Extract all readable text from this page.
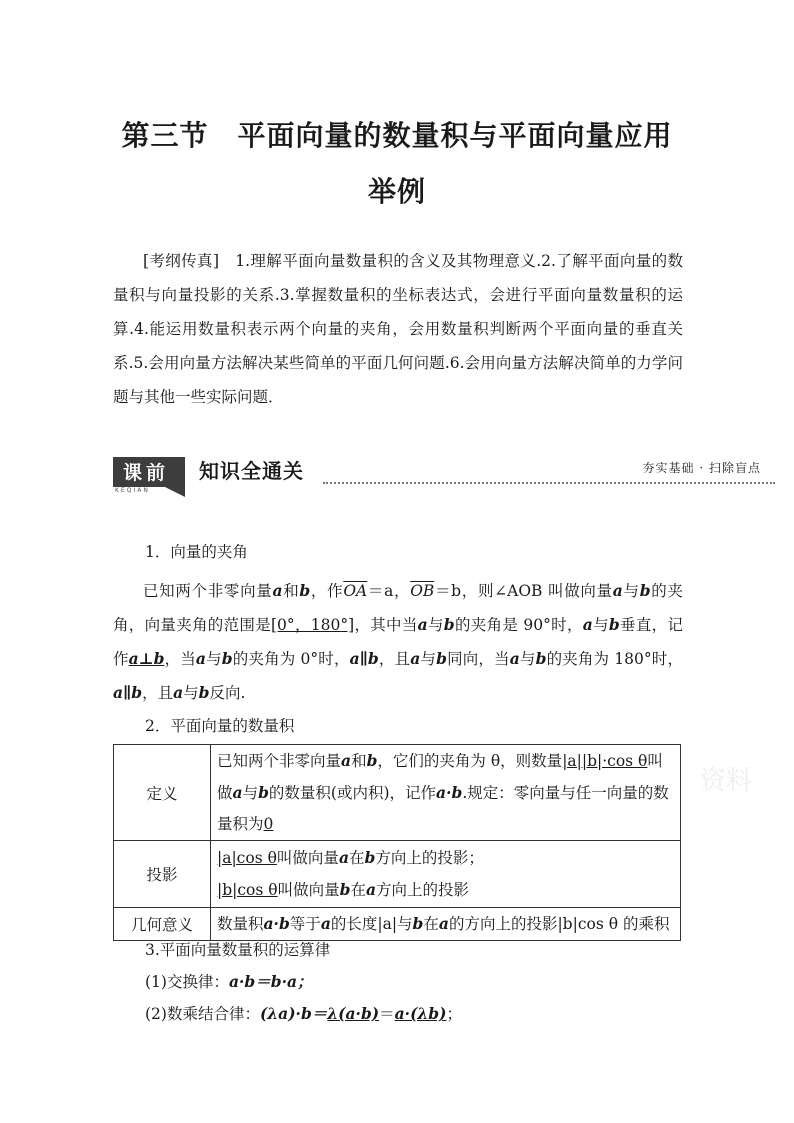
第三节　平面向量的数量积与平面向量应用
举例
[考纲传真]　 1.理解平面向量数量积的含义及其物理意义.2.了解平面向量的数量积与向量投影的关系.3.掌握数量积的坐标表达式，会进行平面向量数量积的运算.4.能运用数量积表示两个向量的夹角，会用数量积判断两个平面向量的垂直关系.5.会用向量方法解决某些简单的平面几何问题.6.会用向量方法解决简单的力学问题与其他一些实际问题．
课前
KEQIAN
知识全通关	夯实基础 · 扫除盲点
1．向量的夹角
已知两个非零向量a和b，作$\overline{OA}=a$，$\overline{OB}=b$，则∠AOB 叫做向量a与b的夹角，向量夹角的范围是[0°，180°]，其中当a与b的夹角是 90°时，a与b垂直，记作a⊥b，当a与b的夹角为 0°时，a∥b，且a与b同向，当a与b的夹角为 180°时，a∥b，且a与b反向.
2．平面向量的数量积
定义	已知两个非零向量a和b，它们的夹角为 θ，则数量|a||b|·cos θ叫做a与b的数量积(或内积)，记作a·b.规定：零向量与任一向量的数量积为0
投影	|a|cos θ叫做向量a在b方向上的投影；
|b|cos θ叫做向量b在a方向上的投影
几何意义	数量积a·b等于a的长度|a|与b在a的方向上的投影|b|cos θ 的乘积
3.平面向量数量积的运算律
(1)交换律：a·b＝b·a；
(2)数乘结合律：(λa)·b＝λ(a·b)＝a·(λb)；
资料
